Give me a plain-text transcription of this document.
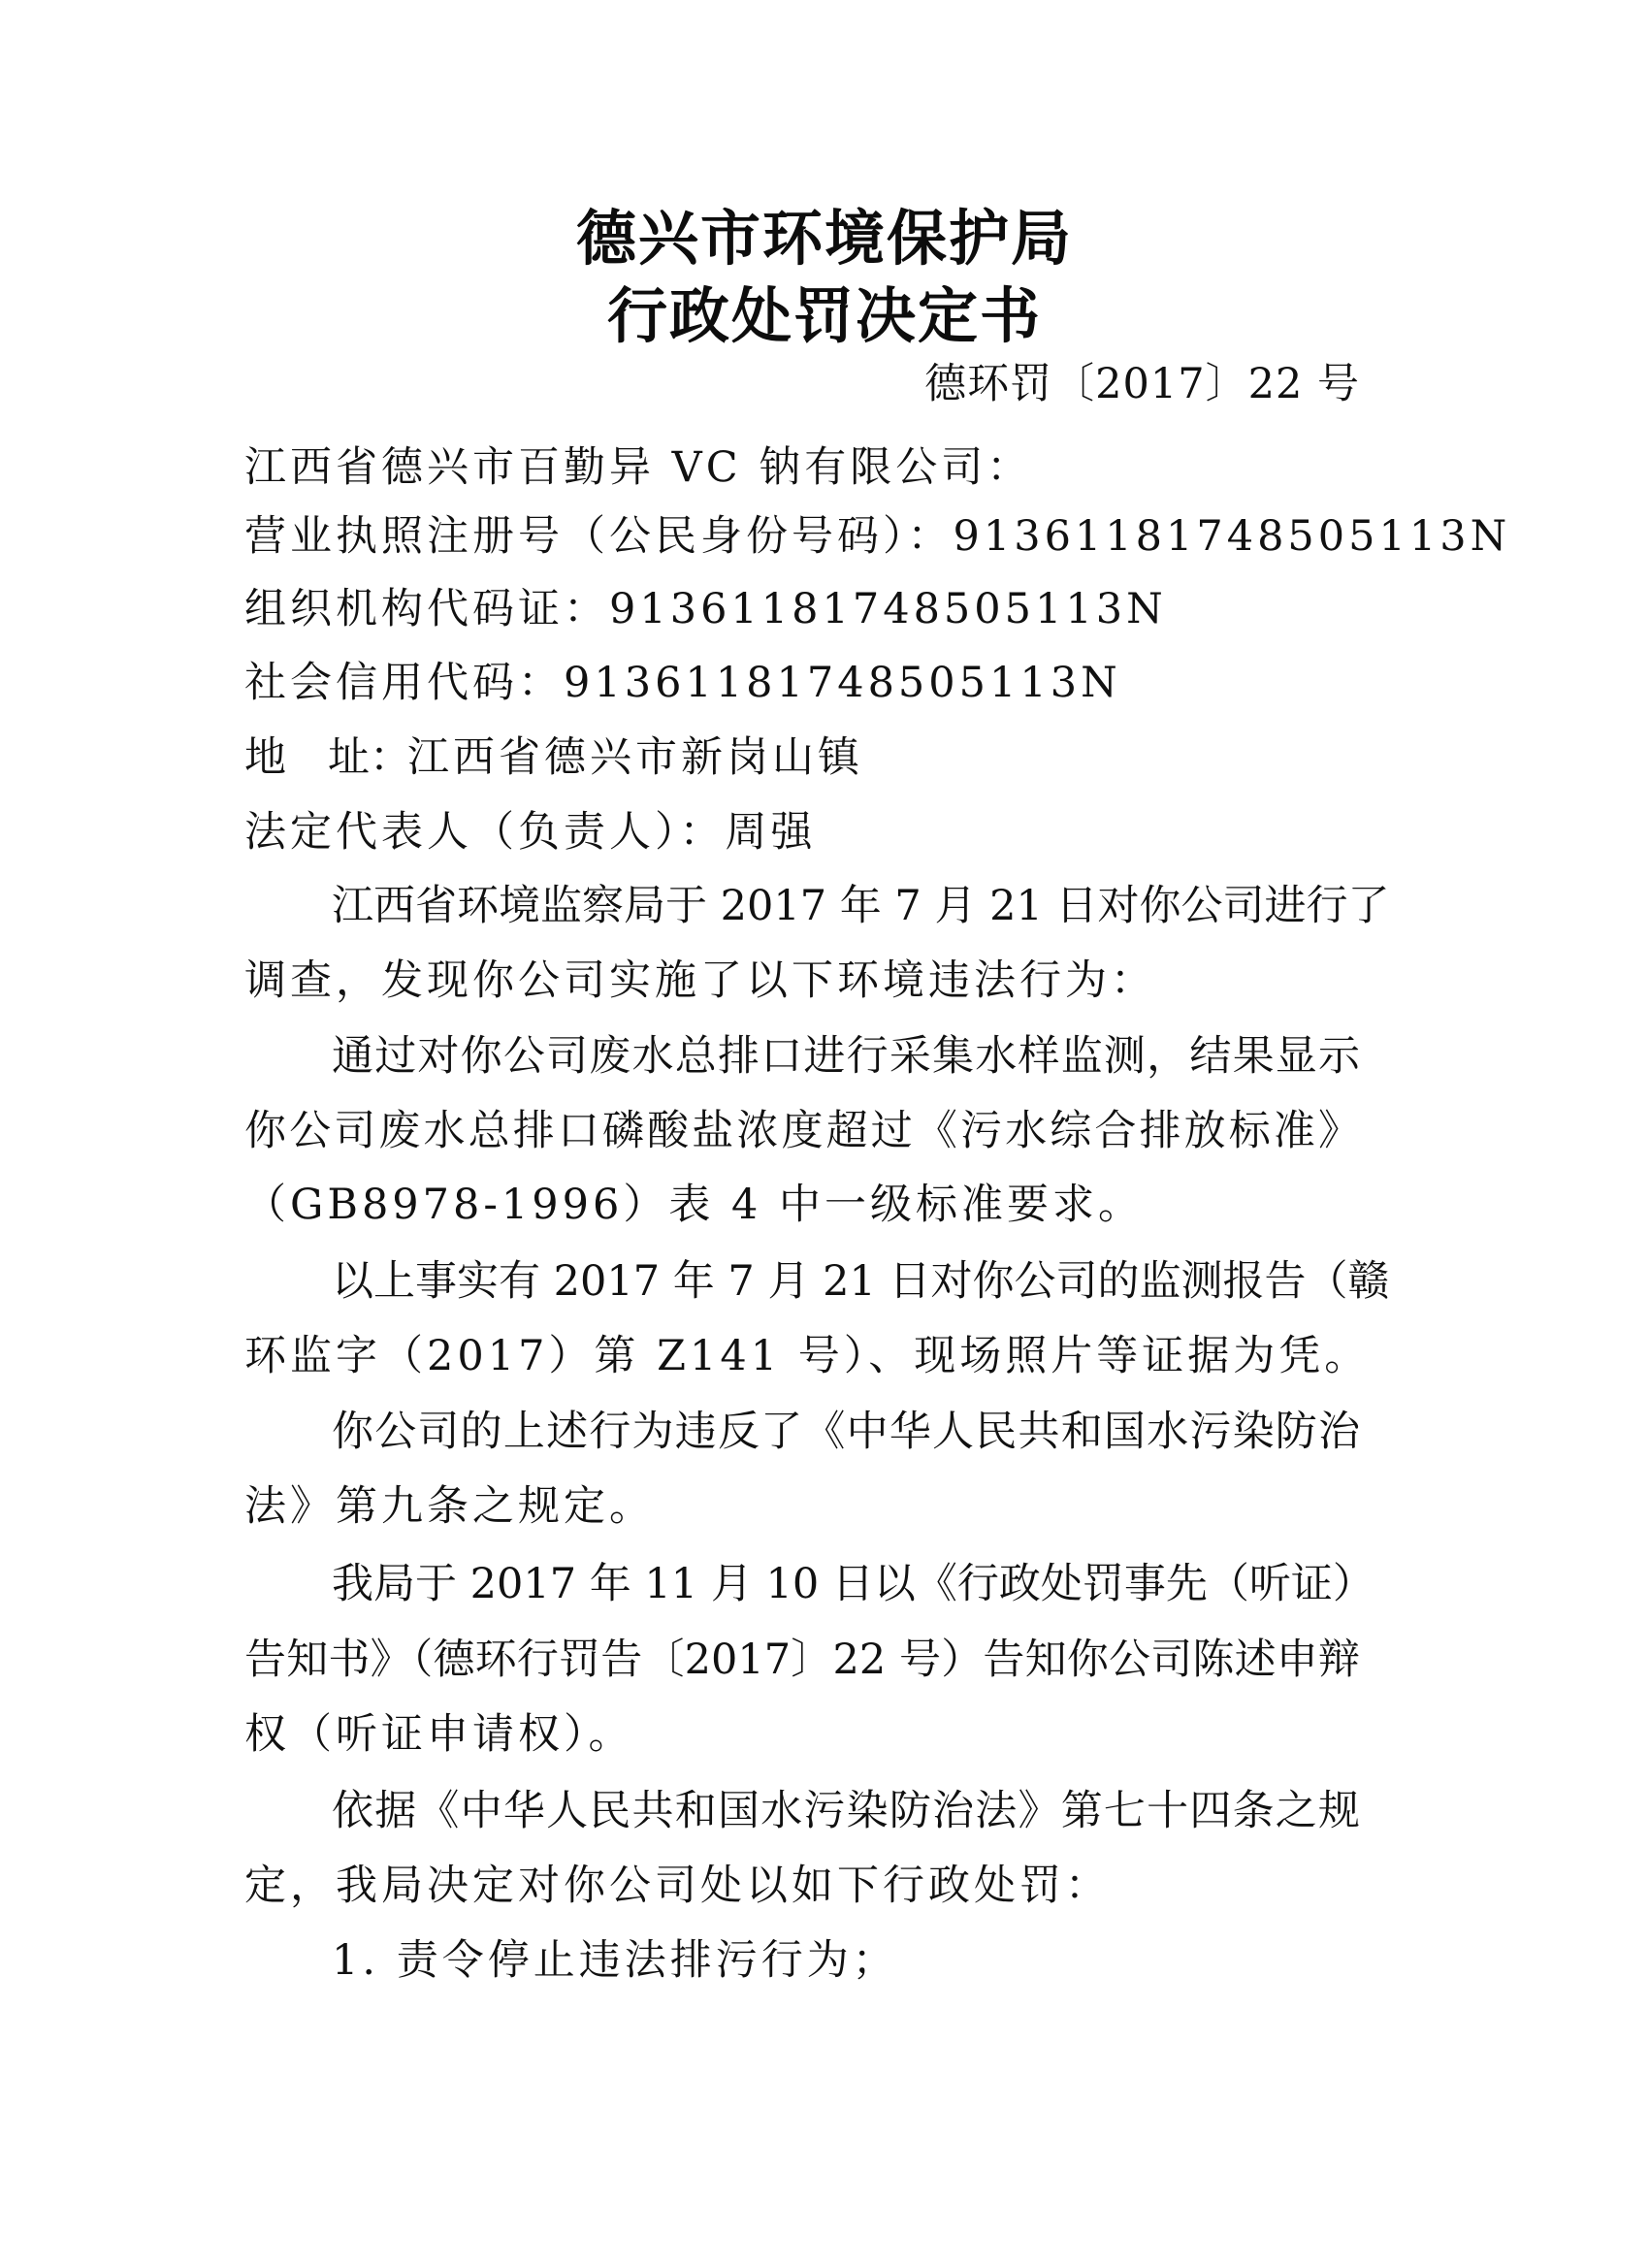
德兴市环境保护局
行政处罚决定书
德环罚〔2017〕22 号
江西省德兴市百勤异 VC 钠有限公司：
营业执照注册号（公民身份号码）：91361181748505113N
组织机构代码证：91361181748505113N
社会信用代码：91361181748505113N
地　址：江西省德兴市新岗山镇
法定代表人（负责人）：周强
江西省环境监察局于 2017 年 7 月 21 日对你公司进行了
调查，发现你公司实施了以下环境违法行为：
通过对你公司废水总排口进行采集水样监测，结果显示
你公司废水总排口磷酸盐浓度超过《污水综合排放标准》
（GB8978-1996）表 4 中一级标准要求。
以上事实有 2017 年 7 月 21 日对你公司的监测报告（赣
环监字（2017）第 Z141 号）、现场照片等证据为凭。
你公司的上述行为违反了《中华人民共和国水污染防治
法》第九条之规定。
我局于 2017 年 11 月 10 日以《行政处罚事先（听证）
告知书》（德环行罚告〔2017〕22 号）告知你公司陈述申辩
权（听证申请权）。
依据《中华人民共和国水污染防治法》第七十四条之规
定，我局决定对你公司处以如下行政处罚：
1. 责令停止违法排污行为；
